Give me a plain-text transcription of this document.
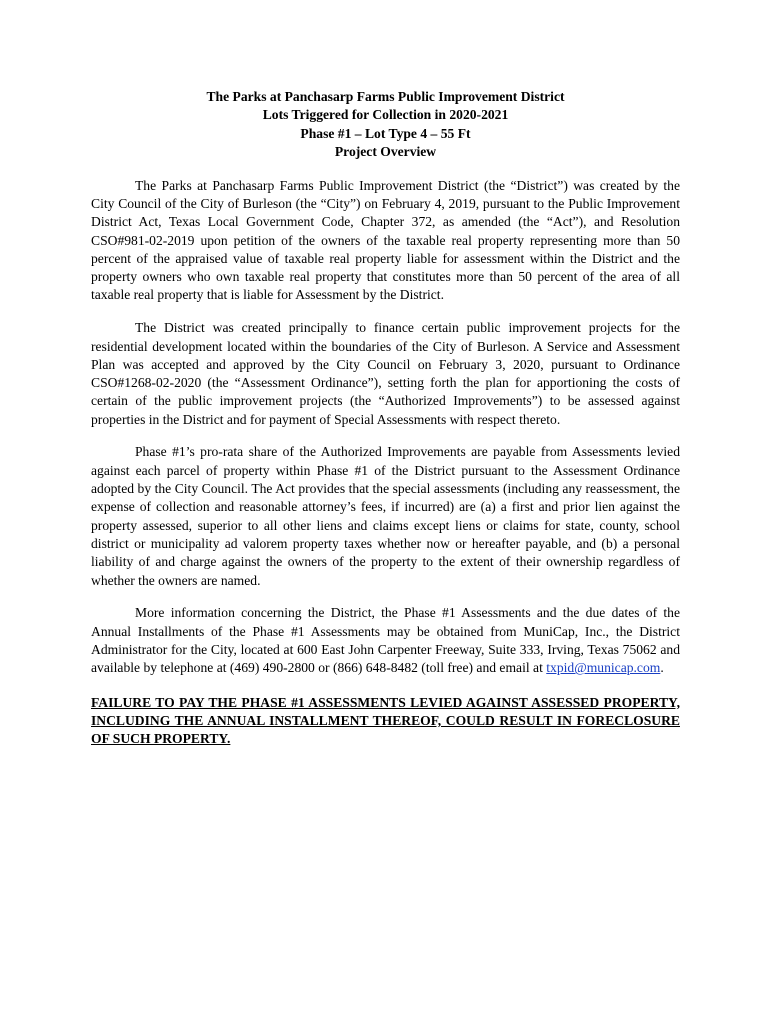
The Parks at Panchasarp Farms Public Improvement District
Lots Triggered for Collection in 2020-2021
Phase #1 – Lot Type 4 – 55 Ft
Project Overview

The Parks at Panchasarp Farms Public Improvement District (the “District”) was created by the City Council of the City of Burleson (the “City”) on February 4, 2019, pursuant to the Public Improvement District Act, Texas Local Government Code, Chapter 372, as amended (the “Act”), and Resolution CSO#981-02-2019 upon petition of the owners of the taxable real property representing more than 50 percent of the appraised value of taxable real property liable for assessment within the District and the property owners who own taxable real property that constitutes more than 50 percent of the area of all taxable real property that is liable for Assessment by the District.

The District was created principally to finance certain public improvement projects for the residential development located within the boundaries of the City of Burleson. A Service and Assessment Plan was accepted and approved by the City Council on February 3, 2020, pursuant to Ordinance CSO#1268-02-2020 (the “Assessment Ordinance”), setting forth the plan for apportioning the costs of certain of the public improvement projects (the “Authorized Improvements”) to be assessed against properties in the District and for payment of Special Assessments with respect thereto.

Phase #1’s pro-rata share of the Authorized Improvements are payable from Assessments levied against each parcel of property within Phase #1 of the District pursuant to the Assessment Ordinance adopted by the City Council. The Act provides that the special assessments (including any reassessment, the expense of collection and reasonable attorney’s fees, if incurred) are (a) a first and prior lien against the property assessed, superior to all other liens and claims except liens or claims for state, county, school district or municipality ad valorem property taxes whether now or hereafter payable, and (b) a personal liability of and charge against the owners of the property to the extent of their ownership regardless of whether the owners are named.

More information concerning the District, the Phase #1 Assessments and the due dates of the Annual Installments of the Phase #1 Assessments may be obtained from MuniCap, Inc., the District Administrator for the City, located at 600 East John Carpenter Freeway, Suite 333, Irving, Texas 75062 and available by telephone at (469) 490-2800 or (866) 648-8482 (toll free) and email at txpid@municap.com.

FAILURE TO PAY THE PHASE #1 ASSESSMENTS LEVIED AGAINST ASSESSED PROPERTY, INCLUDING THE ANNUAL INSTALLMENT THEREOF, COULD RESULT IN FORECLOSURE OF SUCH PROPERTY.
